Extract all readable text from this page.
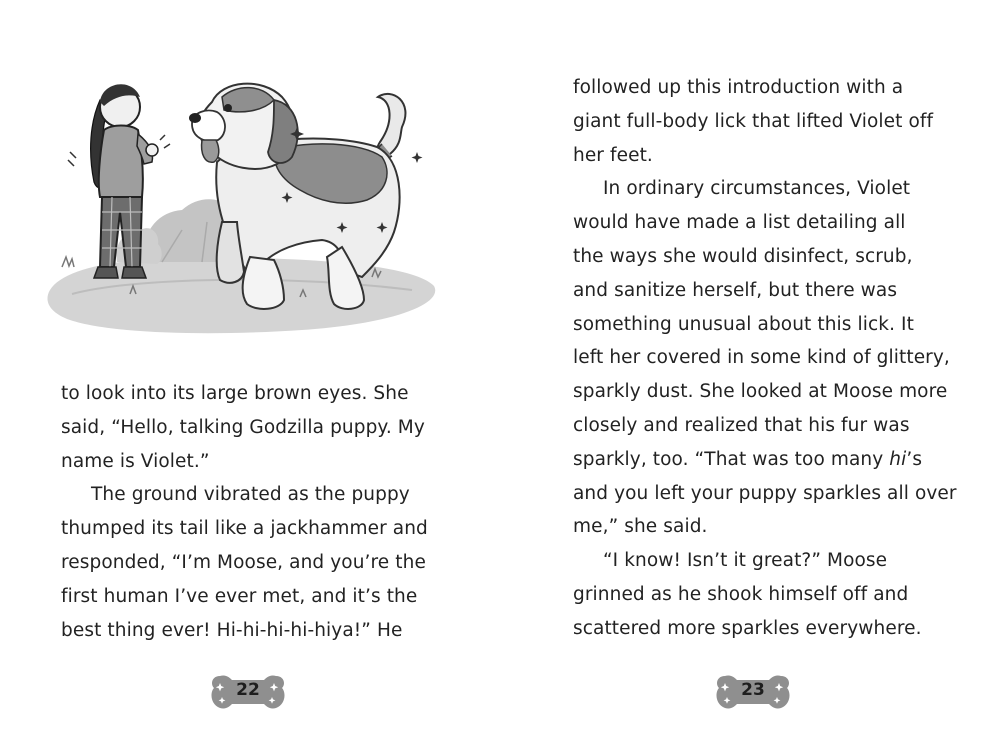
to look into its large brown eyes. She
said, “Hello, talking Godzilla puppy. My
name is Violet.”
The ground vibrated as the puppy
thumped its tail like a jackhammer and
responded, “I’m Moose, and you’re the
first human I’ve ever met, and it’s the
best thing ever! Hi-hi-hi-hi-hiya!” He
22
followed up this introduction with a
giant full-body lick that lifted Violet off
her feet.
In ordinary circumstances, Violet
would have made a list detailing all
the ways she would disinfect, scrub,
and sanitize herself, but there was
something unusual about this lick. It
left her covered in some kind of glittery,
sparkly dust. She looked at Moose more
closely and realized that his fur was
sparkly, too. “That was too many hi’s
and you left your puppy sparkles all over
me,” she said.
“I know! Isn’t it great?” Moose
grinned as he shook himself off and
scattered more sparkles everywhere.
23
